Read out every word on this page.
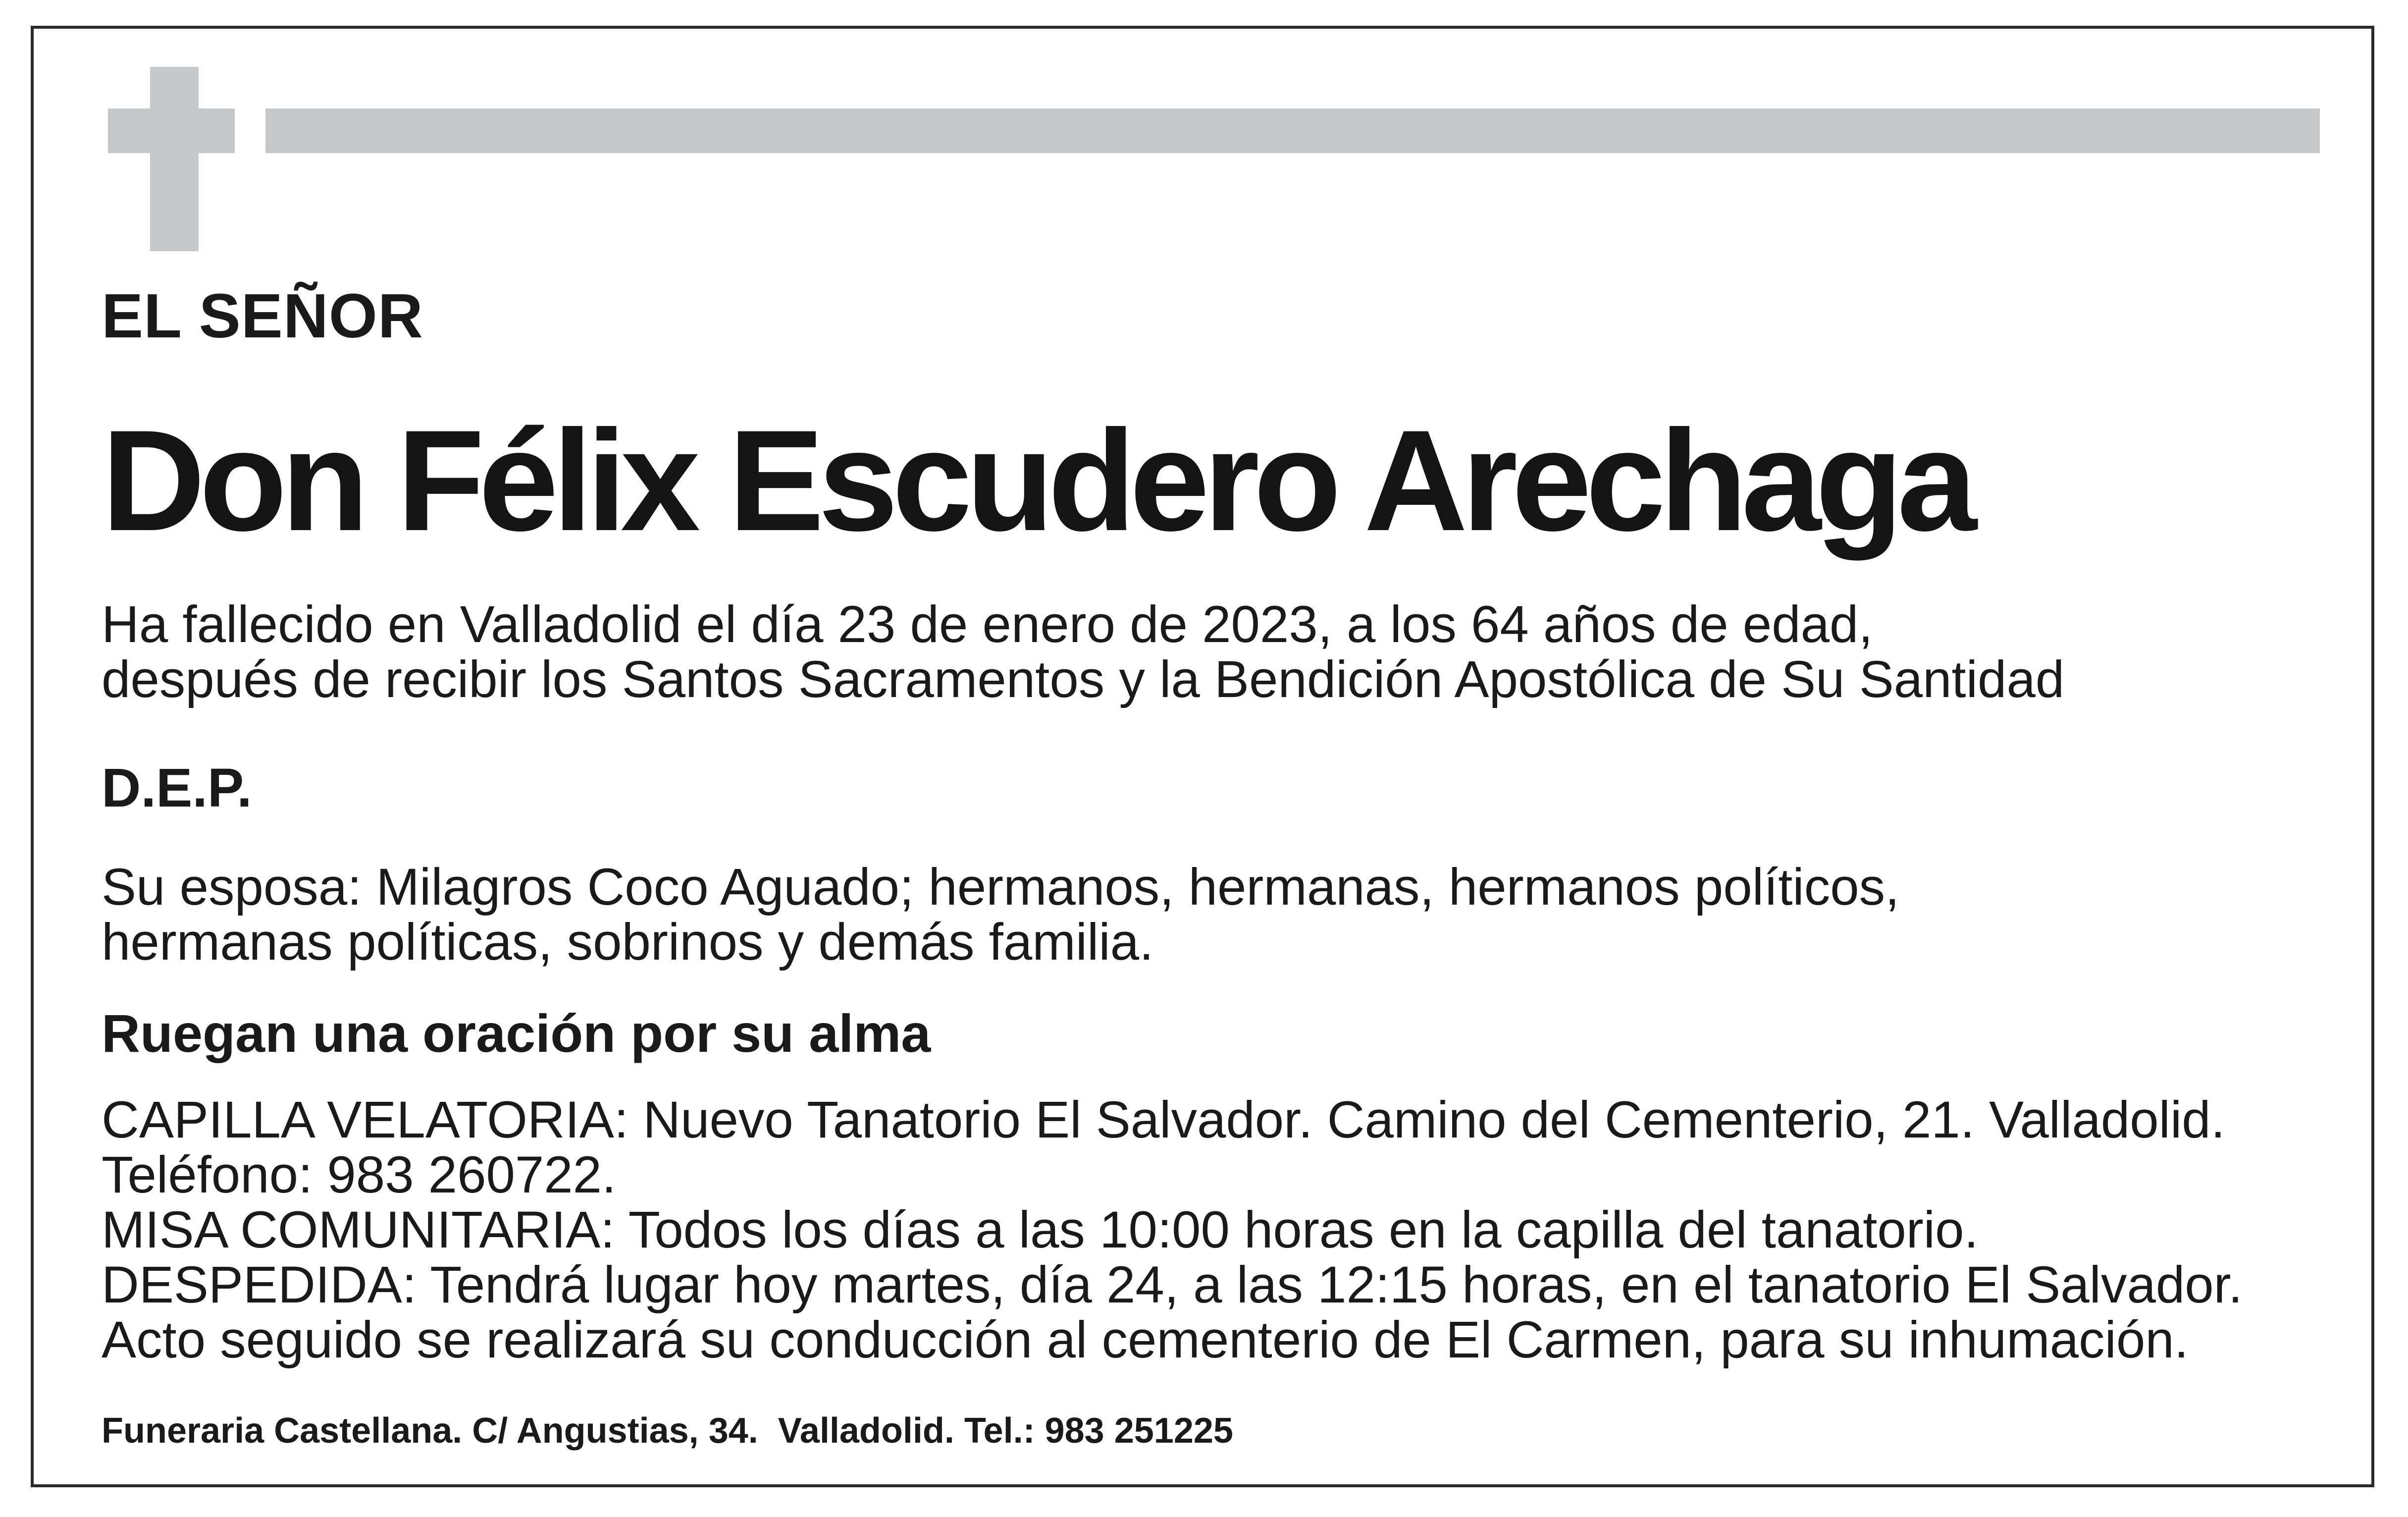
EL SEÑOR
Don Félix Escudero Arechaga
Ha fallecido en Valladolid el día 23 de enero de 2023, a los 64 años de edad,
después de recibir los Santos Sacramentos y la Bendición Apostólica de Su Santidad
D.E.P.
Su esposa: Milagros Coco Aguado; hermanos, hermanas, hermanos políticos,
hermanas políticas, sobrinos y demás familia.
Ruegan una oración por su alma
CAPILLA VELATORIA: Nuevo Tanatorio El Salvador. Camino del Cementerio, 21. Valladolid.
Teléfono: 983 260722.
MISA COMUNITARIA: Todos los días a las 10:00 horas en la capilla del tanatorio.
DESPEDIDA: Tendrá lugar hoy martes, día 24, a las 12:15 horas, en el tanatorio El Salvador.
Acto seguido se realizará su conducción al cementerio de El Carmen, para su inhumación.
Funeraria Castellana. C/ Angustias, 34.  Valladolid. Tel.: 983 251225
